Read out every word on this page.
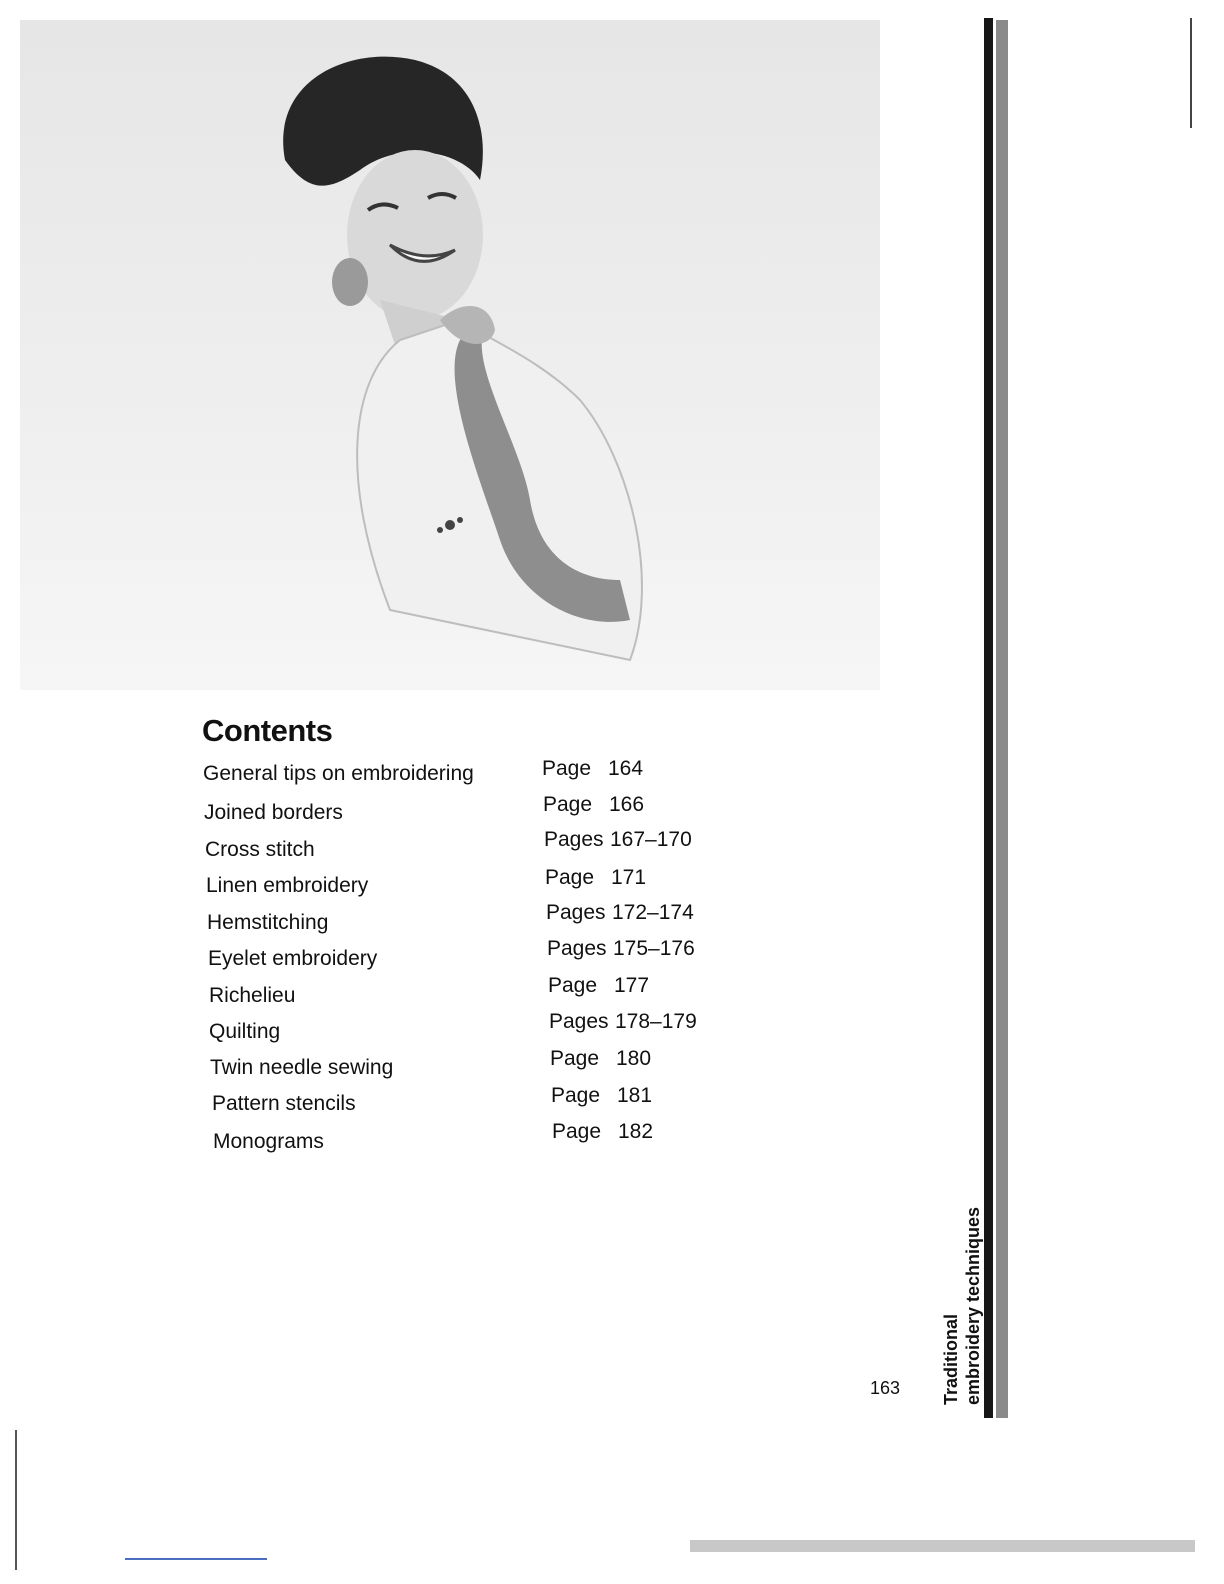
Contents
General tips on embroidering
Joined borders
Cross stitch
Linen embroidery
Hemstitching
Eyelet embroidery
Richelieu
Quilting
Twin needle sewing
Pattern stencils
Monograms
Page 164
Page 166
Pages 167–170
Page 171
Pages 172–174
Pages 175–176
Page 177
Pages 178–179
Page 180
Page 181
Page 182
163 Traditional embroidery techniques
